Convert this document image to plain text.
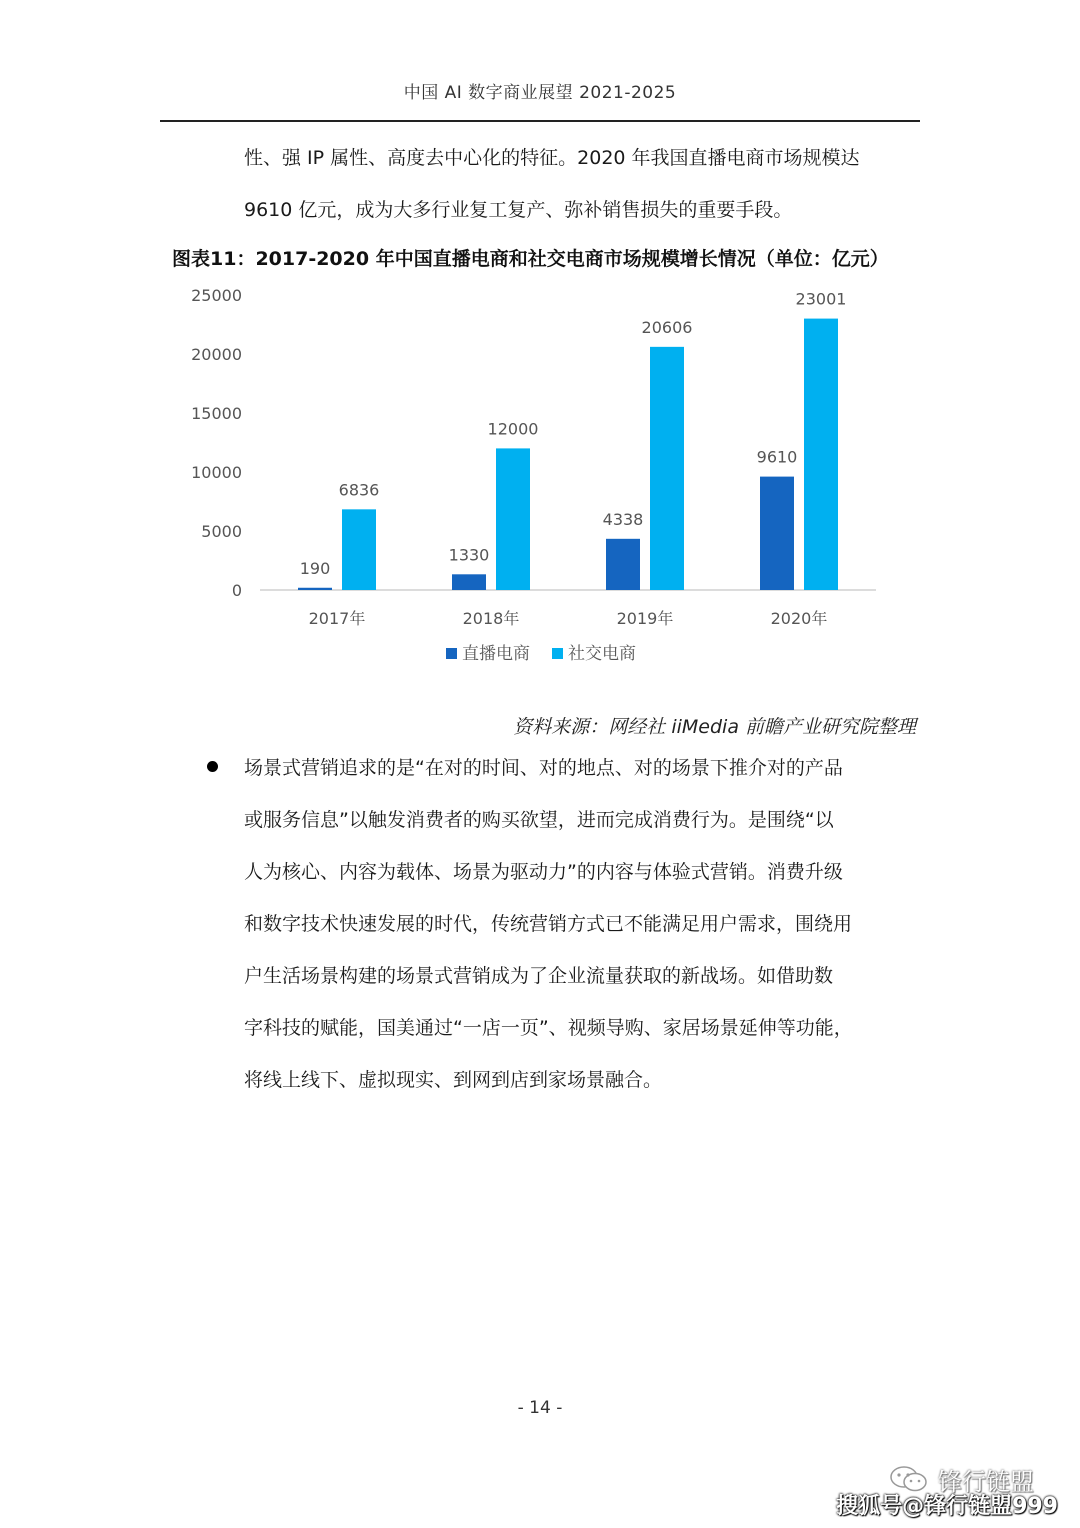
中国 AI 数字商业展望 2021-2025
性、强 IP 属性、高度去中心化的特征。2020 年我国直播电商市场规模达
9610 亿元，成为大多行业复工复产、弥补销售损失的重要手段。
图表11：2017-2020 年中国直播电商和社交电商市场规模增长情况（单位：亿元）
0
5000
10000
15000
20000
25000
190
6836
2017年
1330
12000
2018年
4338
20606
2019年
9610
23001
2020年
直播电商 社交电商
资料来源：网经社 iiMedia 前瞻产业研究院整理
场景式营销追求的是“在对的时间、对的地点、对的场景下推介对的产品
或服务信息”以触发消费者的购买欲望，进而完成消费行为。是围绕“以
人为核心、内容为载体、场景为驱动力”的内容与体验式营销。消费升级
和数字技术快速发展的时代，传统营销方式已不能满足用户需求，围绕用
户生活场景构建的场景式营销成为了企业流量获取的新战场。如借助数
字科技的赋能，国美通过“一店一页”、视频导购、家居场景延伸等功能，
将线上线下、虚拟现实、到网到店到家场景融合。
- 14 -
锋行链盟
搜狐号@锋行链盟999
